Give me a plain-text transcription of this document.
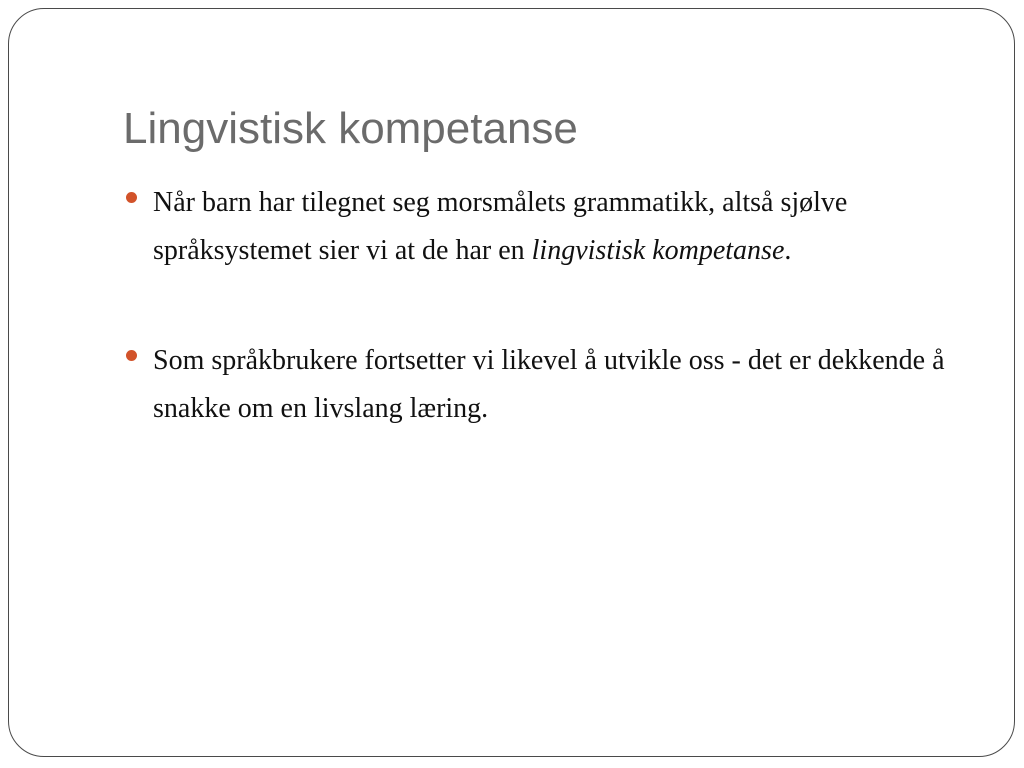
Lingvistisk kompetanse
Når barn har tilegnet seg morsmålets grammatikk, altså sjølve språksystemet sier vi at de har en lingvistisk kompetanse.
Som språkbrukere fortsetter vi likevel å utvikle oss - det er dekkende å snakke om en livslang læring.
